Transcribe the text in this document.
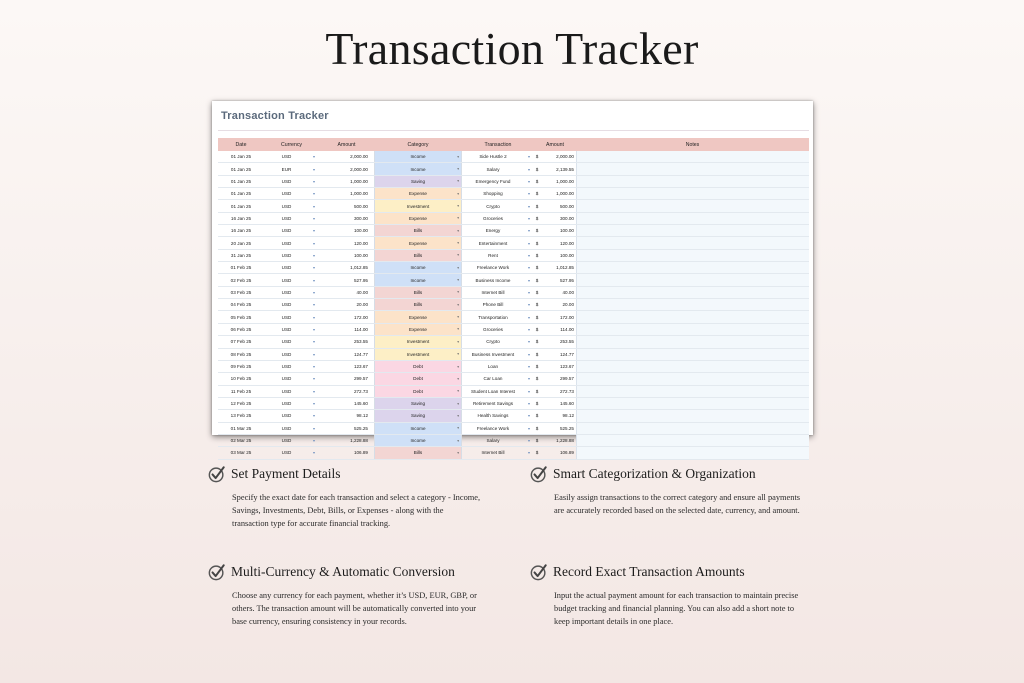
Transaction Tracker
Transaction Tracker
Date	Currency	Amount	Category	Transaction	Amount	Notes
01 Jan 25	USD	▾	2,000.00	Income	▾	Side Hustle 2	▾	$	2,000.00
01 Jan 25	EUR	▾	2,000.00	Income	▾	Salary	▾	$	2,139.55
01 Jan 25	USD	▾	1,000.00	Saving	▾	Emergency Fund	▾	$	1,000.00
01 Jan 25	USD	▾	1,000.00	Expense	▾	Shopping	▾	$	1,000.00
01 Jan 25	USD	▾	500.00	Investment	▾	Crypto	▾	$	500.00
16 Jan 25	USD	▾	300.00	Expense	▾	Groceries	▾	$	300.00
16 Jan 25	USD	▾	100.00	Bills	▾	Energy	▾	$	100.00
20 Jan 25	USD	▾	120.00	Expense	▾	Entertainment	▾	$	120.00
31 Jan 25	USD	▾	100.00	Bills	▾	Rent	▾	$	100.00
01 Feb 25	USD	▾	1,012.85	Income	▾	Freelance Work	▾	$	1,012.85
02 Feb 25	USD	▾	527.95	Income	▾	Business Income	▾	$	527.95
03 Feb 25	USD	▾	40.00	Bills	▾	Internet Bill	▾	$	40.00
04 Feb 25	USD	▾	20.00	Bills	▾	Phone Bill	▾	$	20.00
05 Feb 25	USD	▾	172.00	Expense	▾	Transportation	▾	$	172.00
06 Feb 25	USD	▾	114.00	Expense	▾	Groceries	▾	$	114.00
07 Feb 25	USD	▾	253.55	Investment	▾	Crypto	▾	$	253.55
08 Feb 25	USD	▾	124.77	Investment	▾	Business Investment	▾	$	124.77
09 Feb 25	USD	▾	123.67	Debt	▾	Loan	▾	$	123.67
10 Feb 25	USD	▾	299.57	Debt	▾	Car Loan	▾	$	299.57
11 Feb 25	USD	▾	272.73	Debt	▾	Student Loan Interest	▾	$	272.73
12 Feb 25	USD	▾	145.60	Saving	▾	Retirement Savings	▾	$	145.60
13 Feb 25	USD	▾	98.12	Saving	▾	Health Savings	▾	$	98.12
01 Mar 25	USD	▾	525.25	Income	▾	Freelance Work	▾	$	525.25
02 Mar 25	USD	▾	1,228.88	Income	▾	Salary	▾	$	1,228.88
03 Mar 25	USD	▾	106.89	Bills	▾	Internet Bill	▾	$	106.89
Set Payment Details
Specify the exact date for each transaction and select a category - Income, Savings, Investments, Debt, Bills, or Expenses - along with the transaction type for accurate financial tracking.
Smart Categorization & Organization
Easily assign transactions to the correct category and ensure all payments are accurately recorded based on the selected date, currency, and amount.
Multi-Currency & Automatic Conversion
Choose any currency for each payment, whether it’s USD, EUR, GBP, or others. The transaction amount will be automatically converted into your base currency, ensuring consistency in your records.
Record Exact Transaction Amounts
Input the actual payment amount for each transaction to maintain precise budget tracking and financial planning. You can also add a short note to keep important details in one place.
